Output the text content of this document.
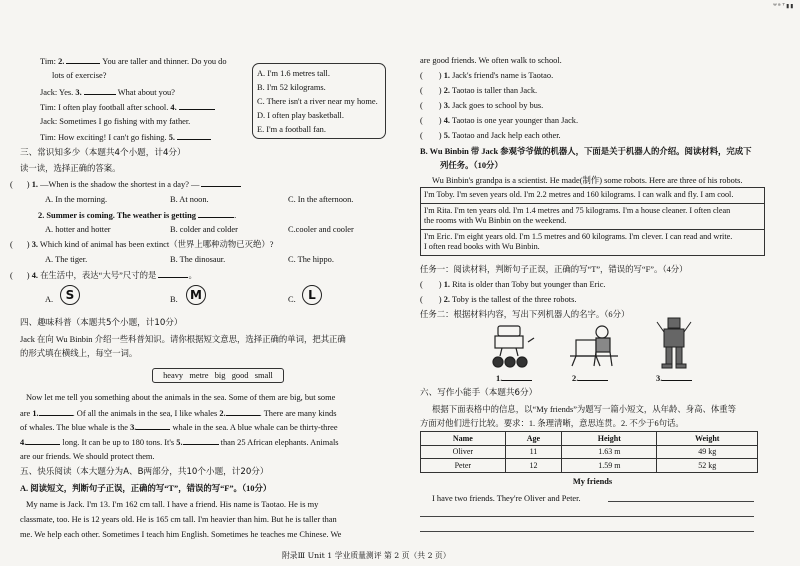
ʷᵃ⁷▮▮
Tim: 2.	You are taller and thinner. Do you do
lots of exercise?
Jack: Yes. 3.	What about you?
Tim: I often play football after school. 4.
Jack: Sometimes I go fishing with my father.
Tim: How exciting! I can't go fishing. 5.
A. I'm 1.6 metres tall.
B. I'm 52 kilograms.
C. There isn't a river near my home.
D. I often play basketball.
E. I'm a football fan.
三、常识知多少（本题共4个小题，计4分）
读一读，选择正确的答案。
( ) 1. —When is the shadow the shortest in a day? —
A. In the morning.	B. At noon.	C. In the afternoon.
2. Summer is coming. The weather is getting	.
A. hotter and hotter	B. colder and colder	C.cooler and cooler
( ) 3. Which kind of animal has been extinct（世界上哪种动物已灭绝）?
A. The tiger.	B. The dinosaur.	C. The hippo.
( ) 4. 在生活中，表达“大号”尺寸的是	。
A.	S	B.	M	C.	L
四、趣味科普（本题共5个小题，计10分）
Jack 在向 Wu Binbin 介绍一些科普知识。请你根据短文意思，选择正确的单词，把其正确
的形式填在横线上，每空一词。
heavy   metre   big   good   small
Now let me tell you something about the animals in the sea. Some of them are big, but some
are 1.	. Of all the animals in the sea, I like whales 2.	. There are many kinds
of whales. The blue whale is the 3.	whale in the sea. A blue whale can be thirty-three
4.	long. It can be up to 180 tons. It's 5.	than 25 African elephants. Animals
are our friends. We should protect them.
五、快乐阅读（本大题分为A、B两部分，共10个小题，计20分）
A. 阅读短文，判断句子正误，正确的写“T”，错误的写“F”。（10分）
My name is Jack. I'm 13. I'm 162 cm tall. I have a friend. His name is Taotao. He is my
classmate, too. He is 12 years old. He is 165 cm tall. I'm heavier than him. But he is taller than
me. We help each other. Sometimes I teach him English. Sometimes he teaches me Chinese. We
are good friends. We often walk to school.
( ) 1. Jack's friend's name is Taotao.
( ) 2. Taotao is taller than Jack.
( ) 3. Jack goes to school by bus.
( ) 4. Taotao is one year younger than Jack.
( ) 5. Taotao and Jack help each other.
B. Wu Binbin 带 Jack 参观爷爷做的机器人，下面是关于机器人的介绍。阅读材料，完成下
列任务。（10分）
Wu Binbin's grandpa is a scientist. He made(制作) some robots. Here are three of his robots.
I'm Toby. I'm seven years old. I'm 2.2 metres and 160 kilograms. I can walk and fly. I am cool.

I'm Rita. I'm ten years old. I'm 1.4 metres and 75 kilograms. I'm a house cleaner. I often clean
the rooms with Wu Binbin on the weekend.

I'm Eric. I'm eight years old. I'm 1.5 metres and 60 kilograms. I'm clever. I can read and write.
I often read books with Wu Binbin.
任务一：阅读材料，判断句子正误，正确的写“T”，错误的写“F”。（4分）
( ) 1. Rita is older than Toby but younger than Eric.
( ) 2. Toby is the tallest of the three robots.
任务二：根据材料内容，写出下列机器人的名字。（6分）
1.	2.	3.
六、写作小能手（本题共6分）
根据下面表格中的信息，以“My friends”为题写一篇小短文，从年龄、身高、体重等
方面对他们进行比较。要求：1. 条理清晰，意思连贯。2. 不少于6句话。
Name	Age	Height	Weight
Oliver	11	1.63 m	49 kg
Peter	12	1.59 m	52 kg
My friends
I have two friends. They're Oliver and Peter.
附录Ⅲ Unit 1 学业质量测评 第 2 页（共 2 页）
